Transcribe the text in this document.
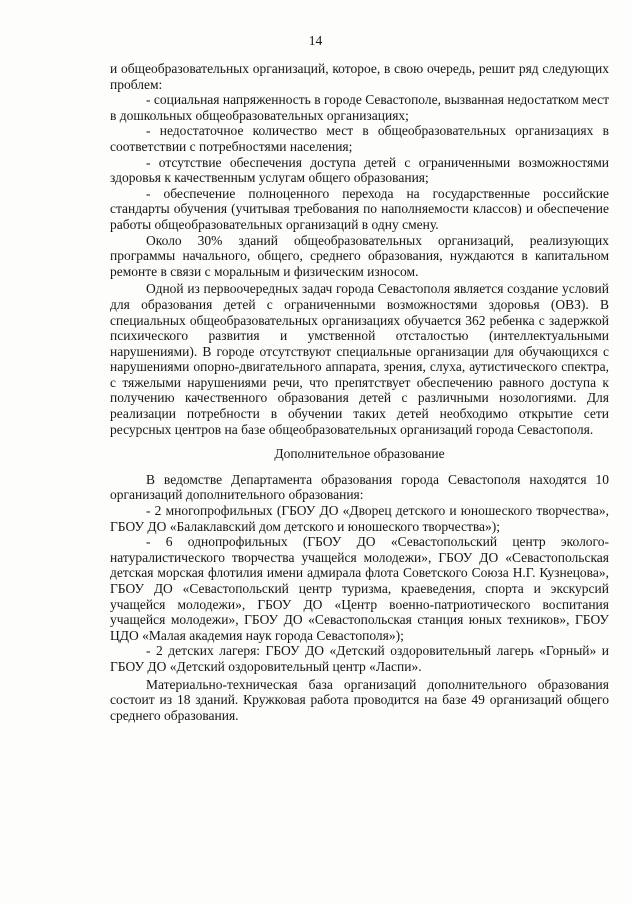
14

и общеобразовательных организаций, которое, в свою очередь, решит ряд следующих проблем:

- социальная напряженность в городе Севастополе, вызванная недостатком мест в дошкольных общеобразовательных организациях;

- недостаточное количество мест в общеобразовательных организациях в соответствии с потребностями населения;

- отсутствие обеспечения доступа детей с ограниченными возможностями здоровья к качественным услугам общего образования;

- обеспечение полноценного перехода на государственные российские стандарты обучения (учитывая требования по наполняемости классов) и обеспечение работы общеобразовательных организаций в одну смену.

Около 30% зданий общеобразовательных организаций, реализующих программы начального, общего, среднего образования, нуждаются в капитальном ремонте в связи с моральным и физическим износом.

Одной из первоочередных задач города Севастополя является создание условий для образования детей с ограниченными возможностями здоровья (ОВЗ). В специальных общеобразовательных организациях обучается 362 ребенка с задержкой психического развития и умственной отсталостью (интеллектуальными нарушениями). В городе отсутствуют специальные организации для обучающихся с нарушениями опорно-двигательного аппарата, зрения, слуха, аутистического спектра, с тяжелыми нарушениями речи, что препятствует обеспечению равного доступа к получению качественного образования детей с различными нозологиями. Для реализации потребности в обучении таких детей необходимо открытие сети ресурсных центров на базе общеобразовательных организаций города Севастополя.

Дополнительное образование

В ведомстве Департамента образования города Севастополя находятся 10 организаций дополнительного образования:

- 2 многопрофильных (ГБОУ ДО «Дворец детского и юношеского творчества», ГБОУ ДО «Балаклавский дом детского и юношеского творчества»);

- 6 однопрофильных (ГБОУ ДО «Севастопольский центр эколого-натуралистического творчества учащейся молодежи», ГБОУ ДО «Севастопольская детская морская флотилия имени адмирала флота Советского Союза Н.Г. Кузнецова», ГБОУ ДО «Севастопольский центр туризма, краеведения, спорта и экскурсий учащейся молодежи», ГБОУ ДО «Центр военно-патриотического воспитания учащейся молодежи», ГБОУ ДО «Севастопольская станция юных техников», ГБОУ ЦДО «Малая академия наук города Севастополя»);

- 2 детских лагеря: ГБОУ ДО «Детский оздоровительный лагерь «Горный» и ГБОУ ДО «Детский оздоровительный центр «Ласпи».

Материально-техническая база организаций дополнительного образования состоит из 18 зданий. Кружковая работа проводится на базе 49 организаций общего среднего образования.
